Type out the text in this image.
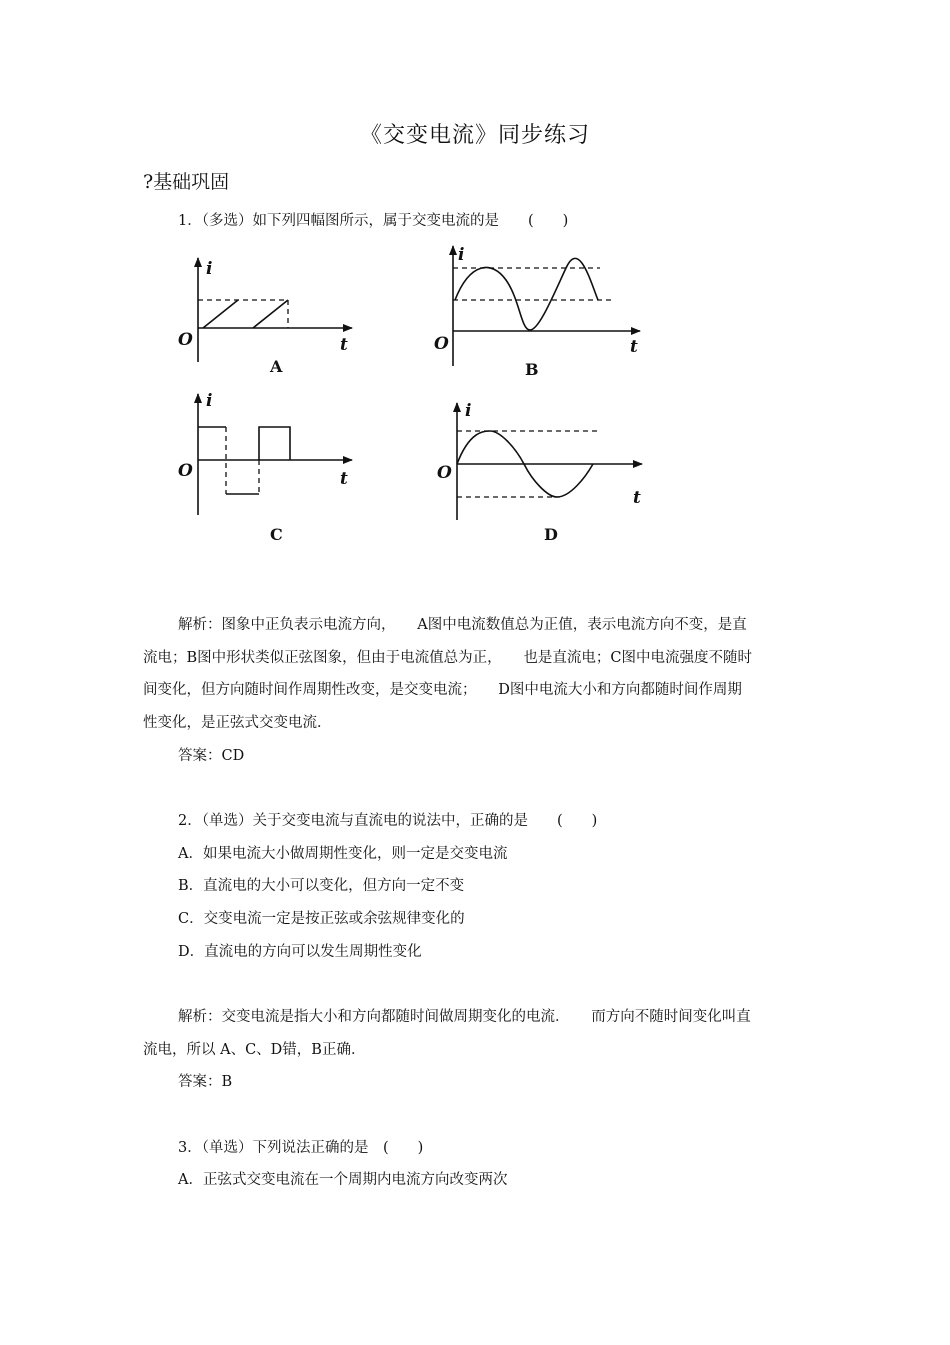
《交变电流》同步练习
?基础巩固
1．（多选）如下列四幅图所示，属于交变电流的是　　(　　)
i
O	t
A
i
O	t
B
i
O	t
C
i
O
t
D
解析：图象中正负表示电流方向，　　A图中电流数值总为正值，表示电流方向不变，是直
流电；B图中形状类似正弦图象，但由于电流值总为正，　　也是直流电；C图中电流强度不随时
间变化，但方向随时间作周期性改变，是交变电流；　　D图中电流大小和方向都随时间作周期
性变化，是正弦式交变电流．
答案：CD
2．（单选）关于交变电流与直流电的说法中，正确的是　　(　　)
A．如果电流大小做周期性变化，则一定是交变电流
B．直流电的大小可以变化，但方向一定不变
C．交变电流一定是按正弦或余弦规律变化的
D．直流电的方向可以发生周期性变化
解析：交变电流是指大小和方向都随时间做周期变化的电流．　　而方向不随时间变化叫直
流电，所以 A、C、D错，B正确．
答案：B
3．（单选）下列说法正确的是　(　　)
A．正弦式交变电流在一个周期内电流方向改变两次
